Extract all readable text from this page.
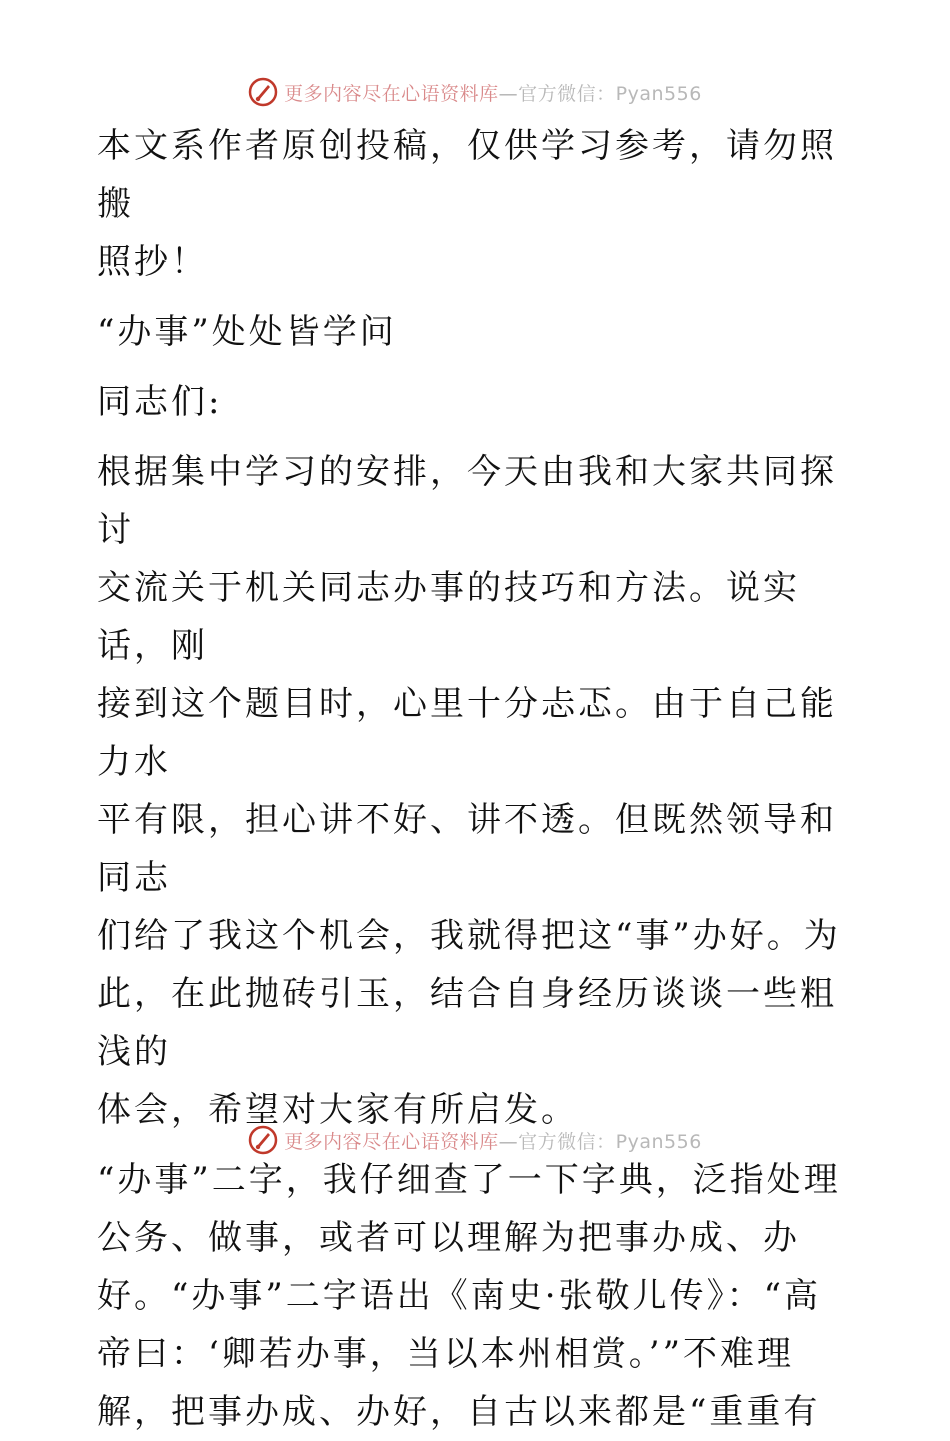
更多内容尽在心语资料库—官方微信：Pyan556

本文系作者原创投稿，仅供学习参考，请勿照搬
照抄！

“办事”处处皆学问

同志们:

根据集中学习的安排，今天由我和大家共同探讨
交流关于机关同志办事的技巧和方法。说实话，刚
接到这个题目时，心里十分忐忑。由于自己能力水
平有限，担心讲不好、讲不透。但既然领导和同志
们给了我这个机会，我就得把这“事”办好。为
此，在此抛砖引玉，结合自身经历谈谈一些粗浅的
体会，希望对大家有所启发。

“办事”二字，我仔细查了一下字典，泛指处理
公务、做事，或者可以理解为把事办成、办
好。“办事”二字语出《南史·张敬儿传》：“高
帝曰：‘卿若办事，当以本州相赏。’”不难理
解，把事办成、办好，自古以来都是“重重有

更多内容尽在心语资料库—官方微信：Pyan556
